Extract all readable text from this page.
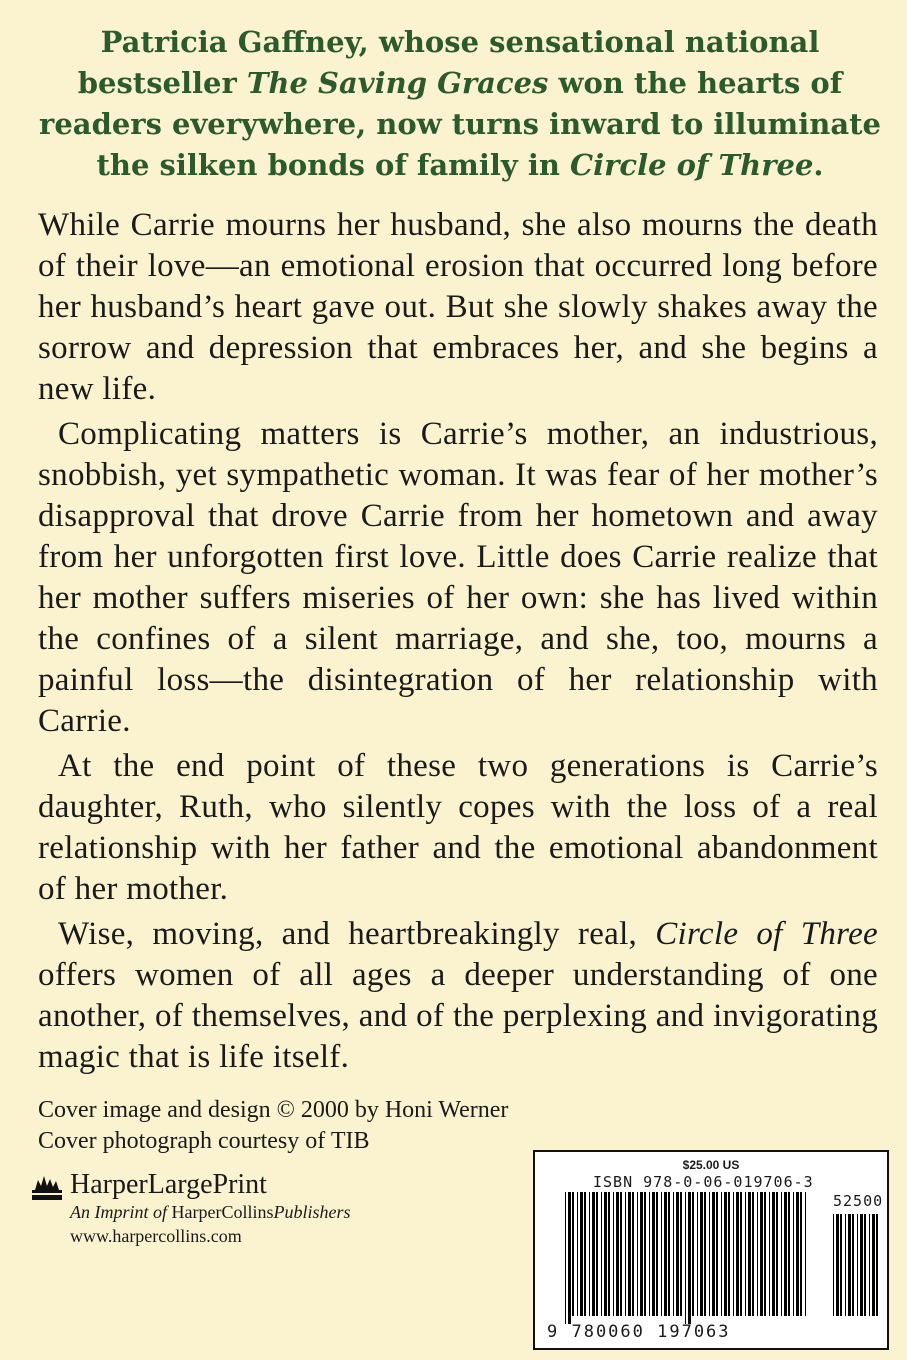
Patricia Gaffney, whose sensational national bestseller The Saving Graces won the hearts of readers everywhere, now turns inward to illuminate the silken bonds of family in Circle of Three.

While Carrie mourns her husband, she also mourns the death of their love—an emotional erosion that occurred long before her husband’s heart gave out. But she slowly shakes away the sorrow and depression that embraces her, and she begins a new life.

Complicating matters is Carrie’s mother, an industrious, snobbish, yet sympathetic woman. It was fear of her mother’s disapproval that drove Carrie from her hometown and away from her unforgotten first love. Little does Carrie realize that her mother suffers miseries of her own: she has lived within the confines of a silent marriage, and she, too, mourns a painful loss—the disintegration of her relationship with Carrie.

At the end point of these two generations is Carrie’s daughter, Ruth, who silently copes with the loss of a real relationship with her father and the emotional abandonment of her mother.

Wise, moving, and heartbreakingly real, Circle of Three offers women of all ages a deeper understanding of one another, of themselves, and of the perplexing and invigorating magic that is life itself.

Cover image and design © 2000 by Honi Werner
Cover photograph courtesy of TIB
HarperLargePrint
An Imprint of HarperCollinsPublishers
www.harpercollins.com
$25.00 US
ISBN 978-0-06-019706-3
52500
9 780060 197063
